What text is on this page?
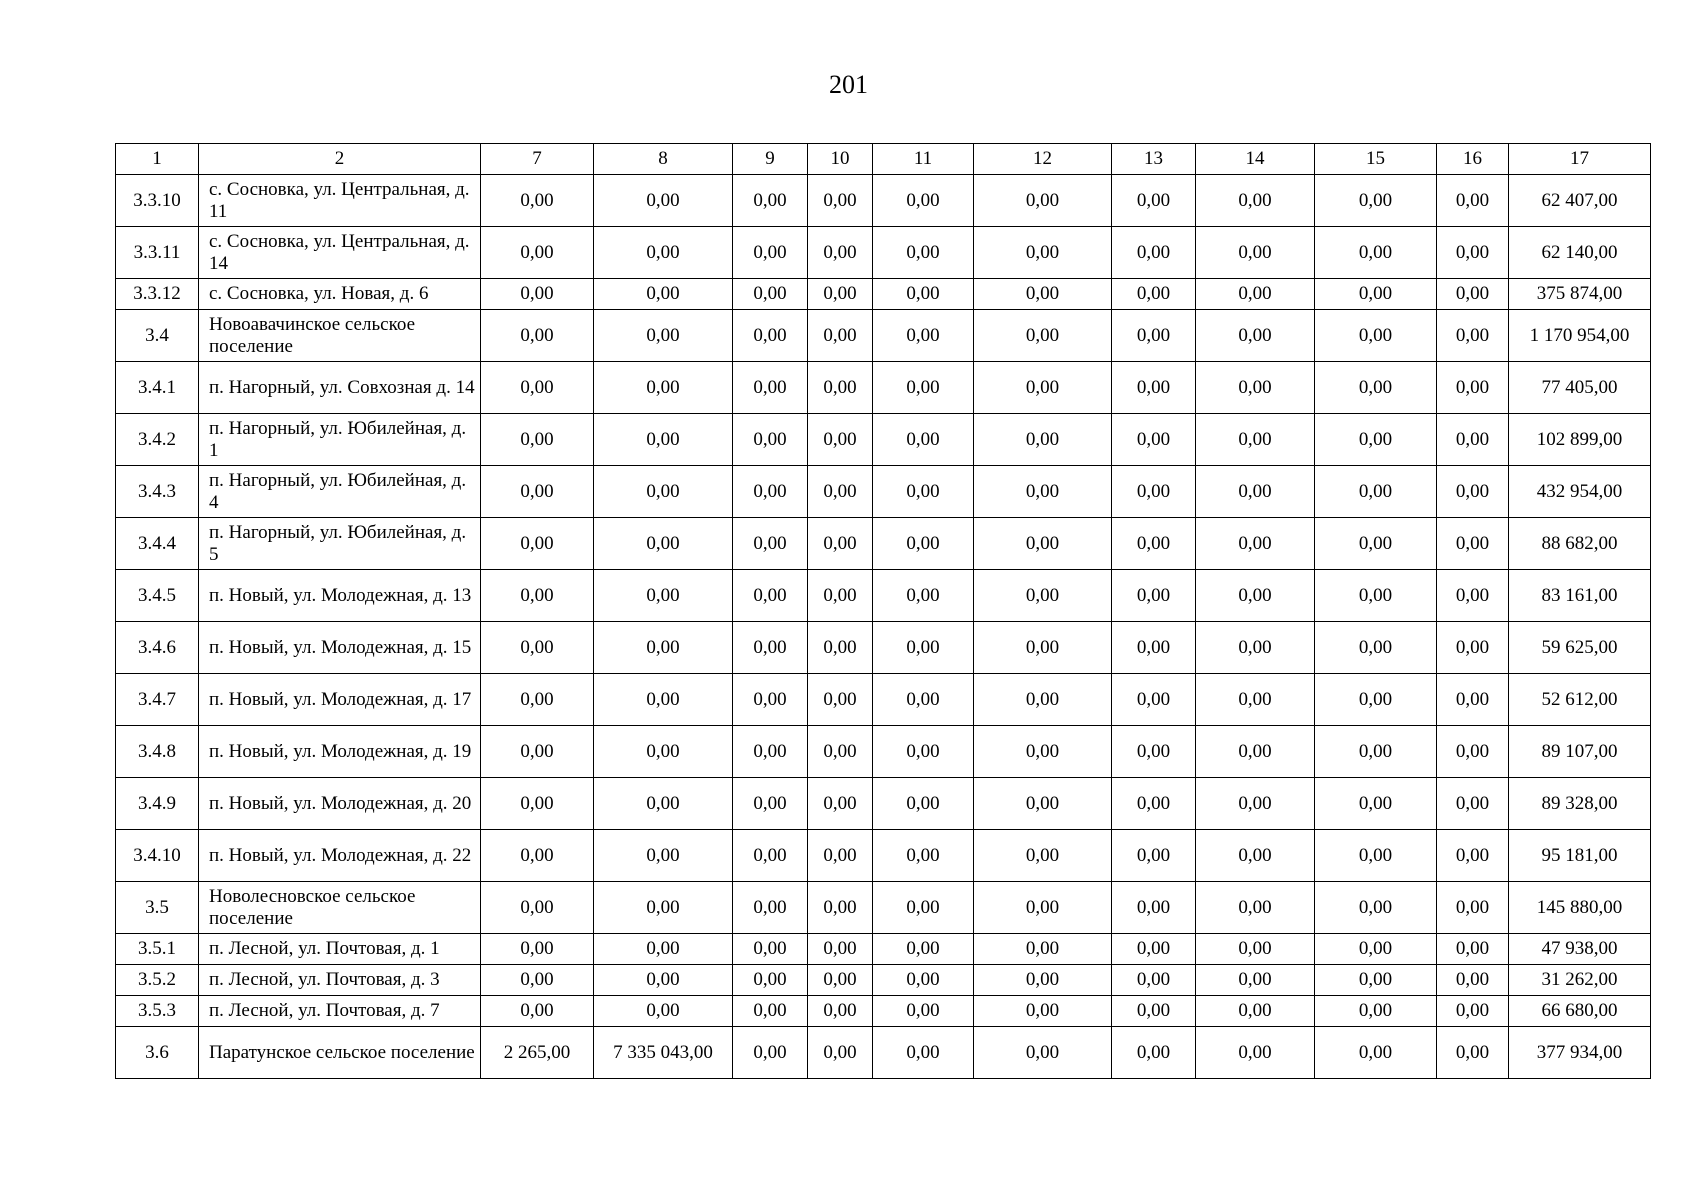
201
1	2	7	8	9	10	11	12	13	14	15	16	17
3.3.10	с. Сосновка, ул. Центральная, д. 11	0,00	0,00	0,00	0,00	0,00	0,00	0,00	0,00	0,00	0,00	62 407,00
3.3.11	с. Сосновка, ул. Центральная, д. 14	0,00	0,00	0,00	0,00	0,00	0,00	0,00	0,00	0,00	0,00	62 140,00
3.3.12	с. Сосновка, ул. Новая, д. 6	0,00	0,00	0,00	0,00	0,00	0,00	0,00	0,00	0,00	0,00	375 874,00
3.4	Новоавачинское сельское поселение	0,00	0,00	0,00	0,00	0,00	0,00	0,00	0,00	0,00	0,00	1 170 954,00
3.4.1	п. Нагорный, ул. Совхозная д. 14	0,00	0,00	0,00	0,00	0,00	0,00	0,00	0,00	0,00	0,00	77 405,00
3.4.2	п. Нагорный, ул. Юбилейная, д. 1	0,00	0,00	0,00	0,00	0,00	0,00	0,00	0,00	0,00	0,00	102 899,00
3.4.3	п. Нагорный, ул. Юбилейная, д. 4	0,00	0,00	0,00	0,00	0,00	0,00	0,00	0,00	0,00	0,00	432 954,00
3.4.4	п. Нагорный, ул. Юбилейная, д. 5	0,00	0,00	0,00	0,00	0,00	0,00	0,00	0,00	0,00	0,00	88 682,00
3.4.5	п. Новый, ул. Молодежная, д. 13	0,00	0,00	0,00	0,00	0,00	0,00	0,00	0,00	0,00	0,00	83 161,00
3.4.6	п. Новый, ул. Молодежная, д. 15	0,00	0,00	0,00	0,00	0,00	0,00	0,00	0,00	0,00	0,00	59 625,00
3.4.7	п. Новый, ул. Молодежная, д. 17	0,00	0,00	0,00	0,00	0,00	0,00	0,00	0,00	0,00	0,00	52 612,00
3.4.8	п. Новый, ул. Молодежная, д. 19	0,00	0,00	0,00	0,00	0,00	0,00	0,00	0,00	0,00	0,00	89 107,00
3.4.9	п. Новый, ул. Молодежная, д. 20	0,00	0,00	0,00	0,00	0,00	0,00	0,00	0,00	0,00	0,00	89 328,00
3.4.10	п. Новый, ул. Молодежная, д. 22	0,00	0,00	0,00	0,00	0,00	0,00	0,00	0,00	0,00	0,00	95 181,00
3.5	Новолесновское сельское поселение	0,00	0,00	0,00	0,00	0,00	0,00	0,00	0,00	0,00	0,00	145 880,00
3.5.1	п. Лесной, ул. Почтовая, д. 1	0,00	0,00	0,00	0,00	0,00	0,00	0,00	0,00	0,00	0,00	47 938,00
3.5.2	п. Лесной, ул. Почтовая, д. 3	0,00	0,00	0,00	0,00	0,00	0,00	0,00	0,00	0,00	0,00	31 262,00
3.5.3	п. Лесной, ул. Почтовая, д. 7	0,00	0,00	0,00	0,00	0,00	0,00	0,00	0,00	0,00	0,00	66 680,00
3.6	Паратунское сельское поселение	2 265,00	7 335 043,00	0,00	0,00	0,00	0,00	0,00	0,00	0,00	0,00	377 934,00
